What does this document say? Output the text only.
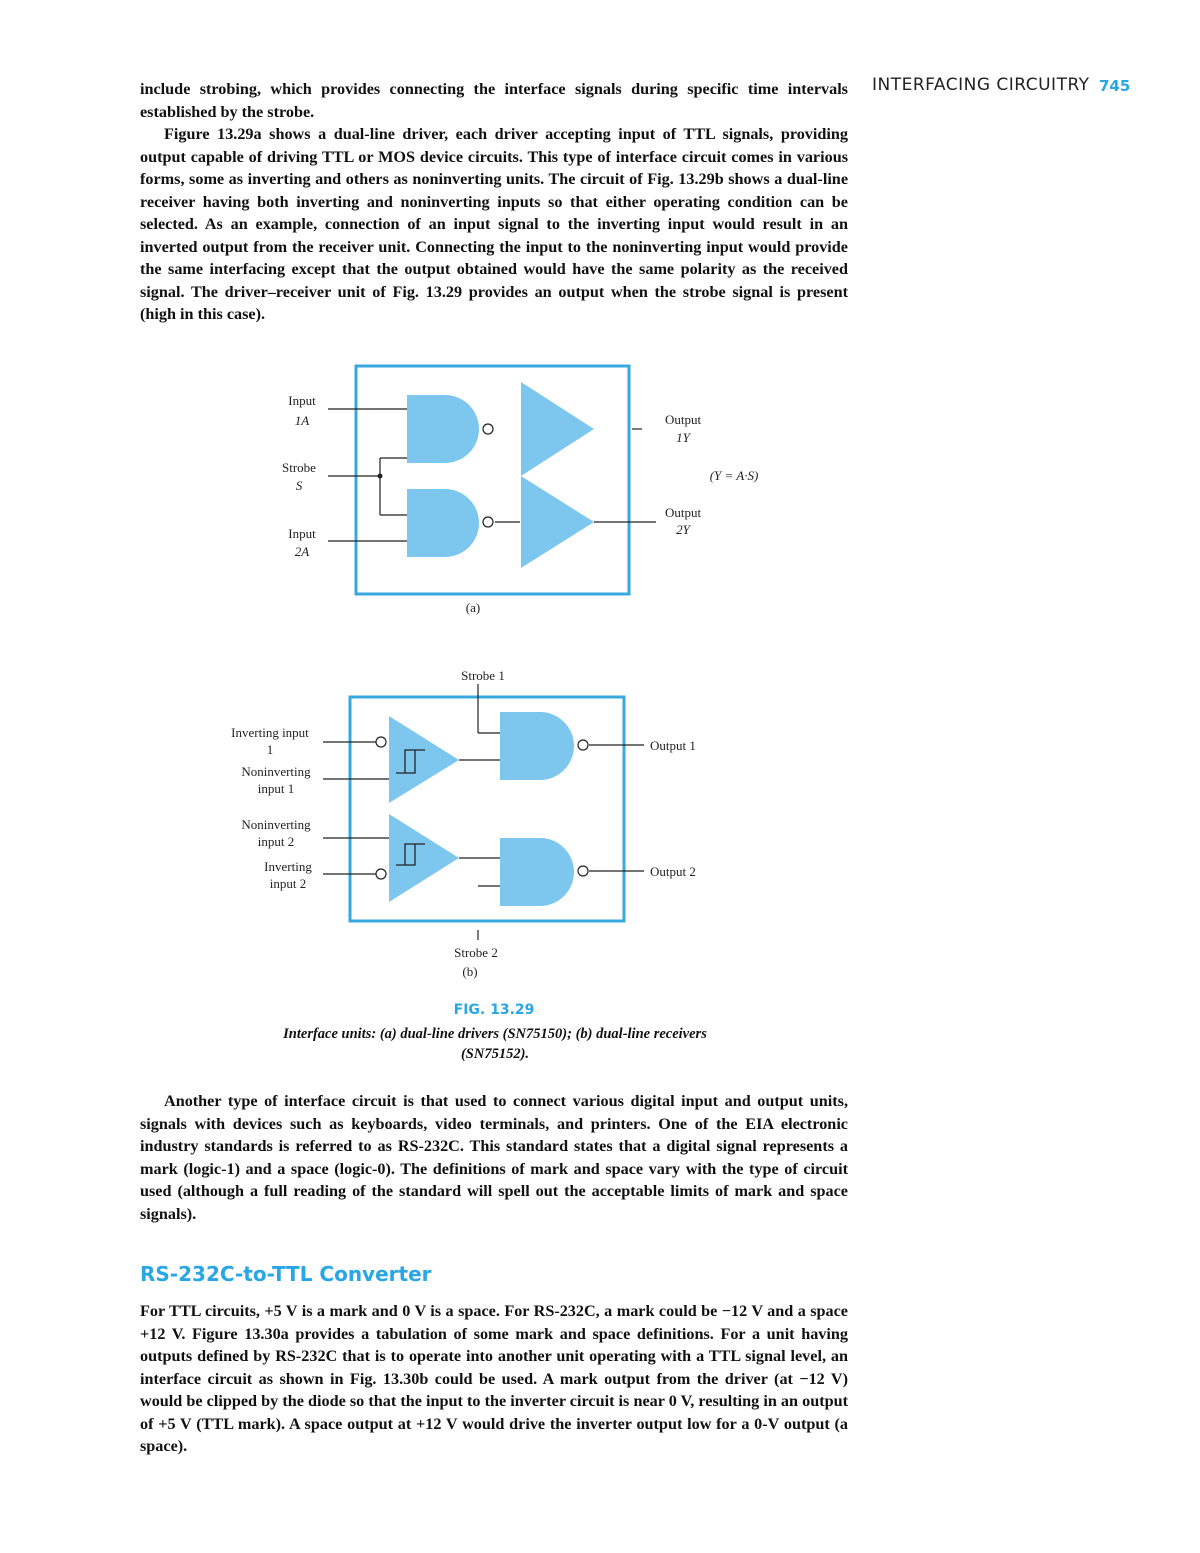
INTERFACING CIRCUITRY 745

include strobing, which provides connecting the interface signals during specific time intervals established by the strobe.

Figure 13.29a shows a dual-line driver, each driver accepting input of TTL signals, providing output capable of driving TTL or MOS device circuits. This type of interface circuit comes in various forms, some as inverting and others as noninverting units. The circuit of Fig. 13.29b shows a dual-line receiver having both inverting and noninverting inputs so that either operating condition can be selected. As an example, connection of an input signal to the inverting input would result in an inverted output from the receiver unit. Connecting the input to the noninverting input would provide the same interfacing except that the output obtained would have the same polarity as the received signal. The driver–receiver unit of Fig. 13.29 provides an output when the strobe signal is present (high in this case).

Input
1A
Strobe
S
Input
2A
Output
1Y
(Y = A·S)
Output
2Y
(a)
Strobe 1
Inverting input
1
Noninverting
input 1
Noninverting
input 2
Inverting
input 2
Output 1
Output 2
Strobe 2
(b)
FIG. 13.29
Interface units: (a) dual-line drivers (SN75150); (b) dual-line receivers (SN75152).

Another type of interface circuit is that used to connect various digital input and output units, signals with devices such as keyboards, video terminals, and printers. One of the EIA electronic industry standards is referred to as RS-232C. This standard states that a digital signal represents a mark (logic-1) and a space (logic-0). The definitions of mark and space vary with the type of circuit used (although a full reading of the standard will spell out the acceptable limits of mark and space signals).

RS-232C-to-TTL Converter

For TTL circuits, +5 V is a mark and 0 V is a space. For RS-232C, a mark could be −12 V and a space +12 V. Figure 13.30a provides a tabulation of some mark and space definitions. For a unit having outputs defined by RS-232C that is to operate into another unit operating with a TTL signal level, an interface circuit as shown in Fig. 13.30b could be used. A mark output from the driver (at −12 V) would be clipped by the diode so that the input to the inverter circuit is near 0 V, resulting in an output of +5 V (TTL mark). A space output at +12 V would drive the inverter output low for a 0-V output (a space).
